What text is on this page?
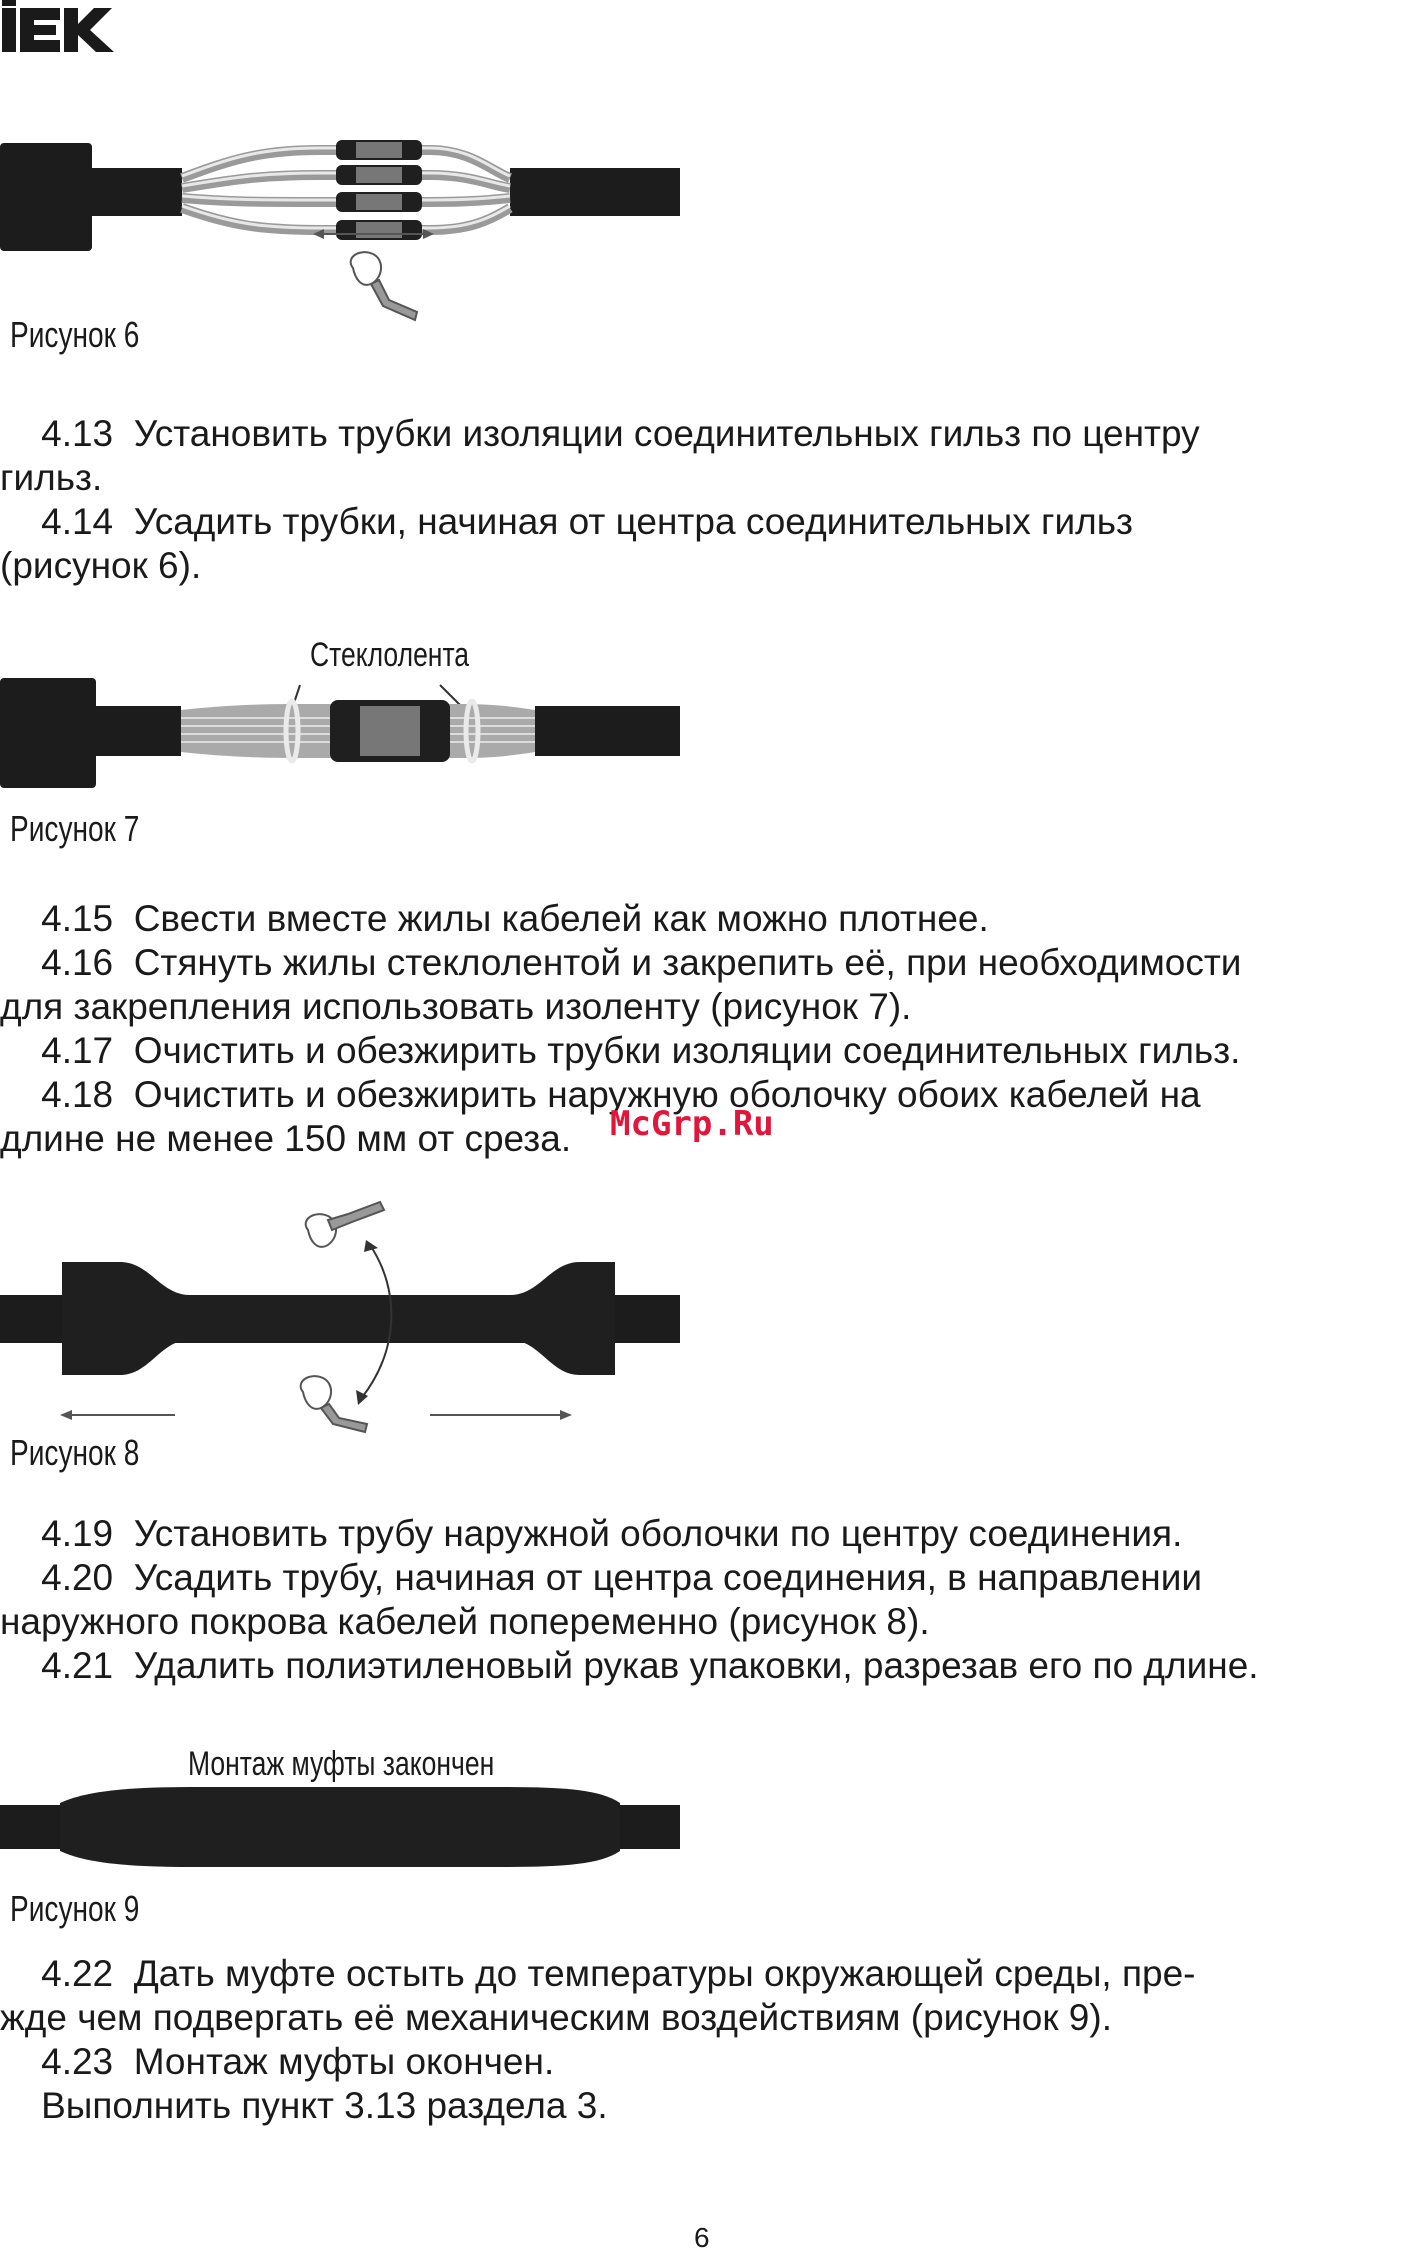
Рисунок 6
4.13  Установить трубки изоляции соединительных гильз по центру
гильз.
4.14  Усадить трубки, начиная от центра соединительных гильз
(рисунок 6).
Стеклолента
Рисунок 7
4.15  Свести вместе жилы кабелей как можно плотнее.
4.16  Стянуть жилы стеклолентой и закрепить её, при необходимости
для закрепления использовать изоленту (рисунок 7).
4.17  Очистить и обезжирить трубки изоляции соединительных гильз.
4.18  Очистить и обезжирить наружную оболочку обоих кабелей на
длине не менее 150 мм от среза.	McGrp.Ru
Рисунок 8
4.19  Установить трубу наружной оболочки по центру соединения.
4.20  Усадить трубу, начиная от центра соединения, в направлении
наружного покрова кабелей попеременно (рисунок 8).
4.21  Удалить полиэтиленовый рукав упаковки, разрезав его по длине.
Монтаж муфты закончен
Рисунок 9
4.22  Дать муфте остыть до температуры окружающей среды, пре-
жде чем подвергать её механическим воздействиям (рисунок 9).
4.23  Монтаж муфты окончен.
Выполнить пункт 3.13 раздела 3.
6
